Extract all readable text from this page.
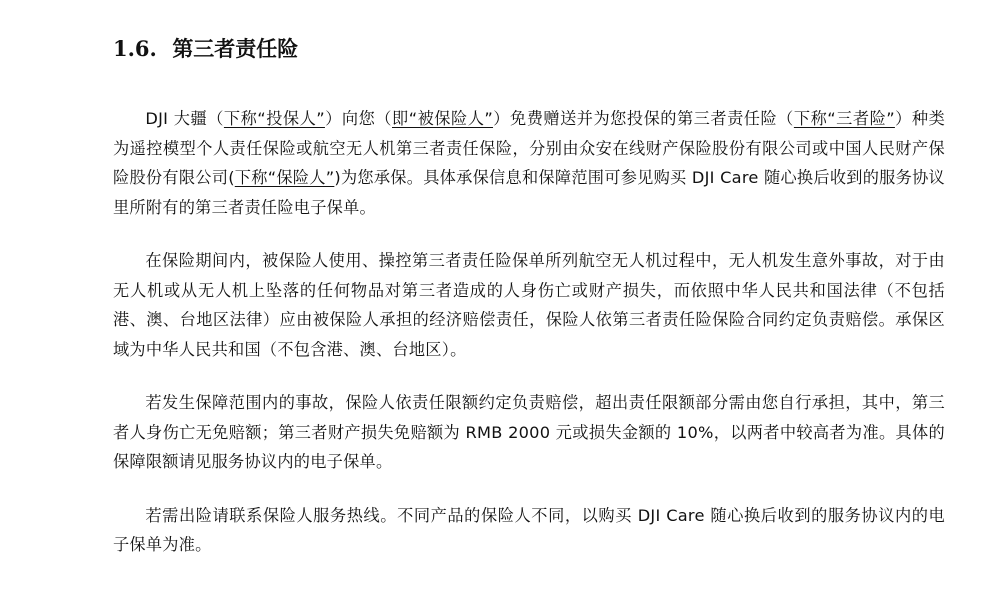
1.6. 第三者责任险

DJI 大疆（下称“投保人”）向您（即“被保险人”）免费赠送并为您投保的第三者责任险（下称“三者险”）种类为遥控模型个人责任保险或航空无人机第三者责任保险，分别由众安在线财产保险股份有限公司或中国人民财产保险股份有限公司(下称“保险人”)为您承保。具体承保信息和保障范围可参见购买 DJI Care 随心换后收到的服务协议里所附有的第三者责任险电子保单。

在保险期间内，被保险人使用、操控第三者责任险保单所列航空无人机过程中，无人机发生意外事故，对于由无人机或从无人机上坠落的任何物品对第三者造成的人身伤亡或财产损失，而依照中华人民共和国法律（不包括港、澳、台地区法律）应由被保险人承担的经济赔偿责任，保险人依第三者责任险保险合同约定负责赔偿。承保区域为中华人民共和国（不包含港、澳、台地区）。

若发生保障范围内的事故，保险人依责任限额约定负责赔偿，超出责任限额部分需由您自行承担，其中，第三者人身伤亡无免赔额；第三者财产损失免赔额为 RMB 2000 元或损失金额的 10%，以两者中较高者为准。具体的保障限额请见服务协议内的电子保单。

若需出险请联系保险人服务热线。不同产品的保险人不同，以购买 DJI Care 随心换后收到的服务协议内的电子保单为准。
